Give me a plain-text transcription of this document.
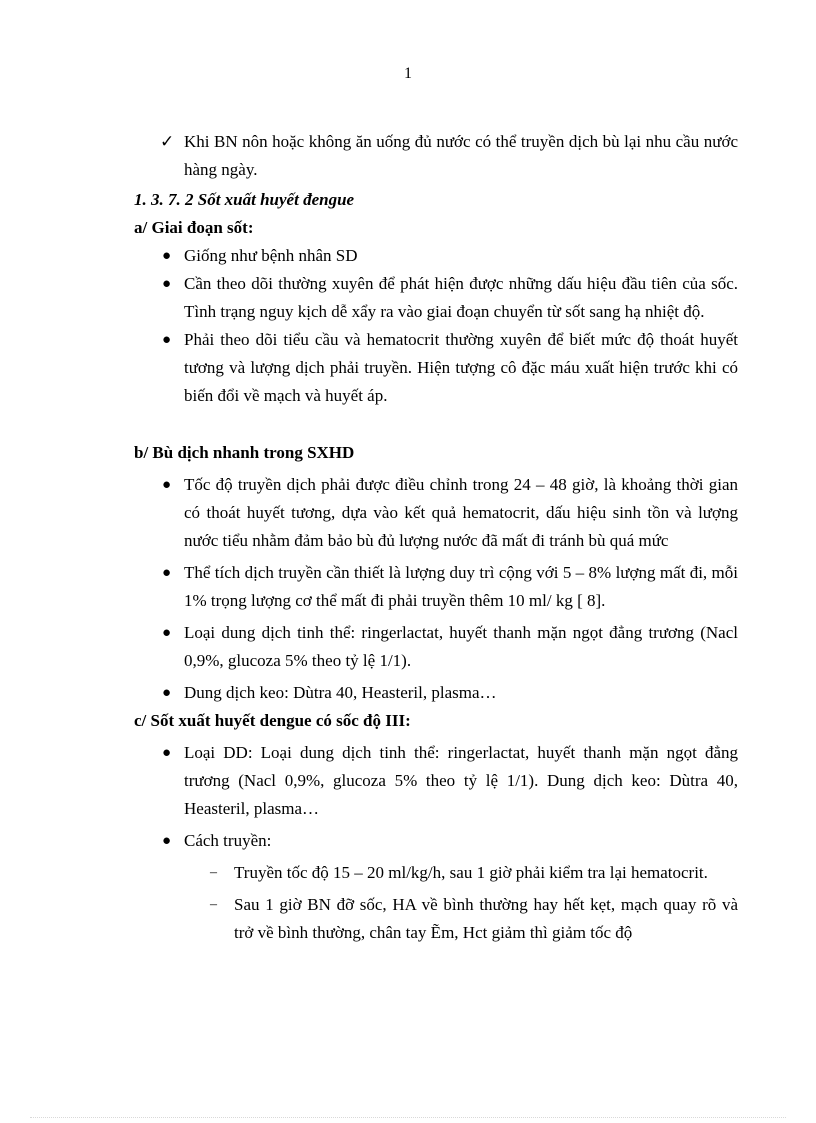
1
✓ Khi BN nôn hoặc không ăn uống đủ nước có thể truyền dịch bù lại nhu cầu nước hàng ngày.
1. 3. 7. 2 Sốt xuất huyết đengue
a/ Giai đoạn sốt:
● Giống như bệnh nhân SD
● Cần theo dõi thường xuyên để phát hiện được những dấu hiệu đầu tiên của sốc. Tình trạng nguy kịch dễ xẩy ra vào giai đoạn chuyển từ sốt sang hạ nhiệt độ.
● Phải theo dõi tiểu cầu và hematocrit thường xuyên để biết mức độ thoát huyết tương và lượng dịch phải truyền. Hiện tượng cô đặc máu xuất hiện trước khi có biến đổi về mạch và huyết áp.
b/ Bù dịch nhanh trong SXHD
● Tốc độ truyền dịch phải được điều chỉnh trong 24 – 48 giờ, là khoảng thời gian có thoát huyết tương, dựa vào kết quả hematocrit, dấu hiệu sinh tồn và lượng nước tiểu nhằm đảm bảo bù đủ lượng nước đã mất đi tránh bù quá mức
● Thể tích dịch truyền cần thiết là lượng duy trì cộng với 5 – 8% lượng mất đi, mỗi 1% trọng lượng cơ thể mất đi phải truyền thêm 10 ml/ kg [ 8].
● Loại dung dịch tinh thể: ringerlactat, huyết thanh mặn ngọt đẳng trương (Nacl 0,9%, glucoza 5% theo tỷ lệ 1/1).
● Dung dịch keo: Dùtra 40, Heasteril, plasma…
c/ Sốt xuất huyết dengue có sốc độ III:
● Loại DD: Loại dung dịch tinh thể: ringerlactat, huyết thanh mặn ngọt đẳng trương (Nacl 0,9%, glucoza 5% theo tỷ lệ 1/1). Dung dịch keo: Dùtra 40, Heasteril, plasma…
● Cách truyền:
– Truyền tốc độ 15 – 20 ml/kg/h, sau 1 giờ phải kiểm tra lại hematocrit.
– Sau 1 giờ BN đỡ sốc, HA về bình thường hay hết kẹt, mạch quay rõ và trở về bình thường, chân tay Ẽm, Hct giảm thì giảm tốc độ
